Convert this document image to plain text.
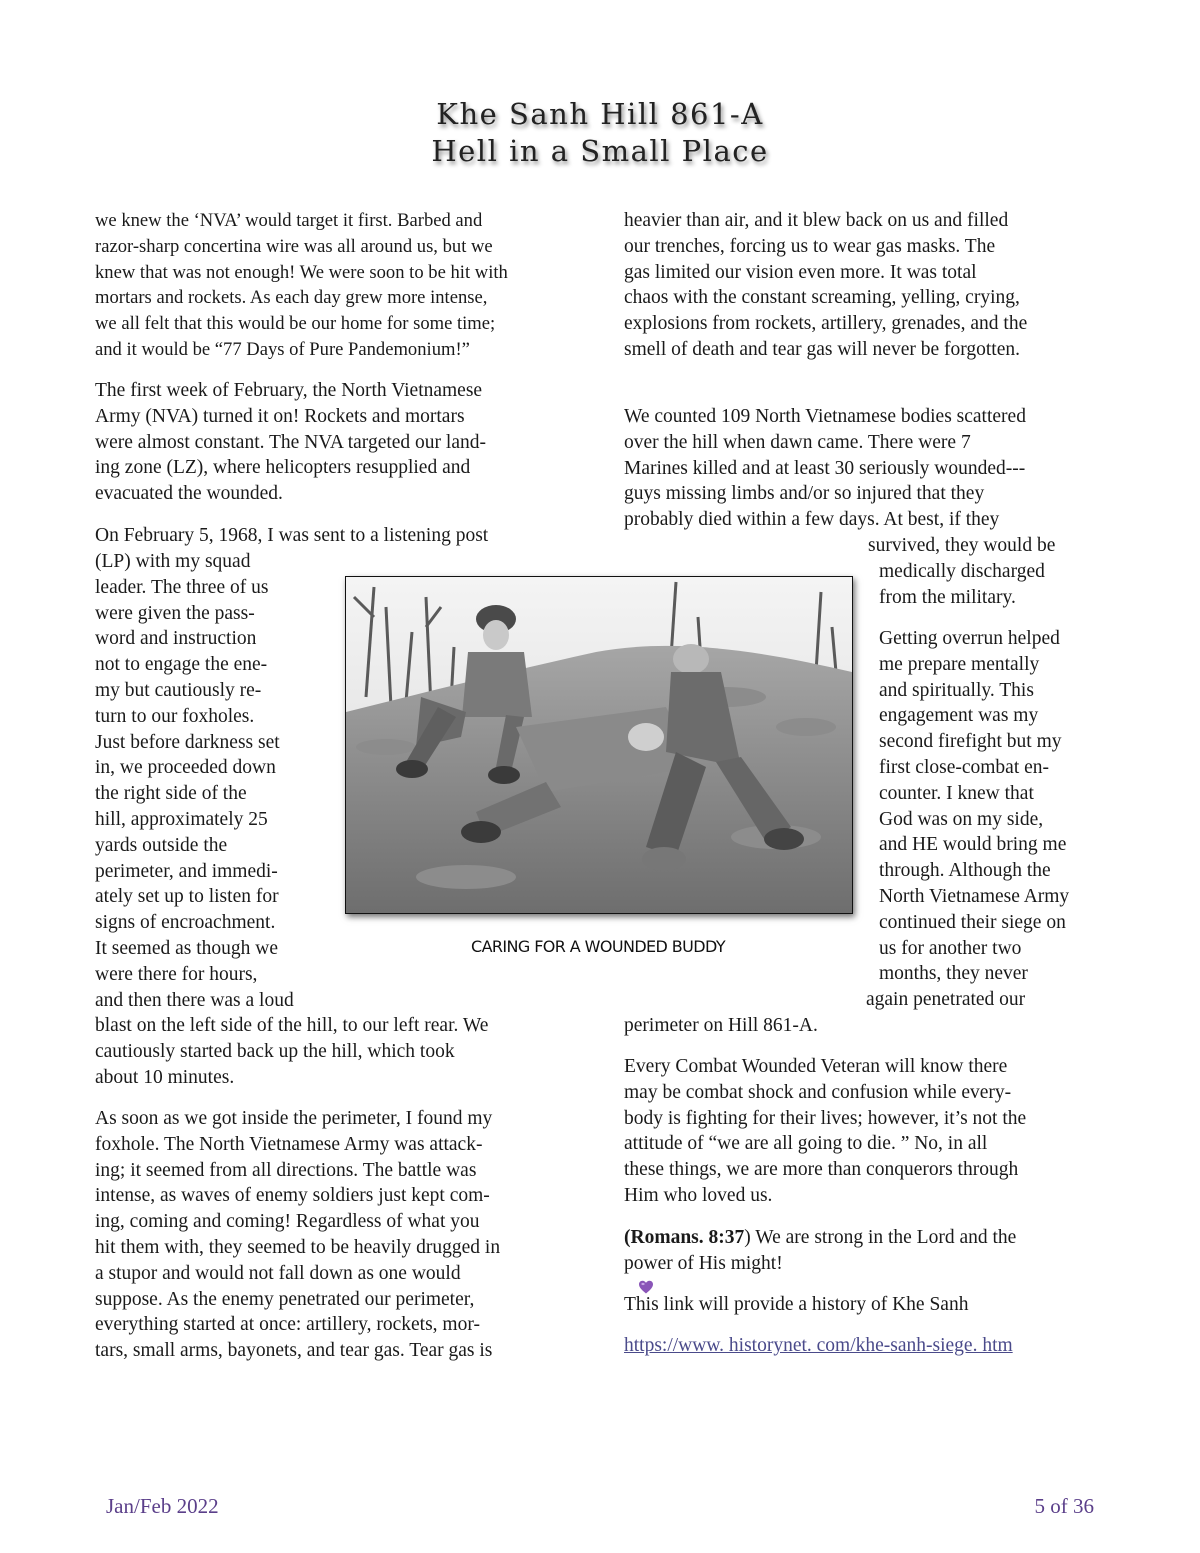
Khe Sanh Hill 861-A
Hell in a Small Place
we knew the ‘NVA’ would target it first. Barbed and
razor-sharp concertina wire was all around us, but we
knew that was not enough! We were soon to be hit with
mortars and rockets. As each day grew more intense,
we all felt that this would be our home for some time;
and it would be “77 Days of Pure Pandemonium!”
The first week of February, the North Vietnamese
Army (NVA) turned it on! Rockets and mortars
were almost constant. The NVA targeted our land-
ing zone (LZ), where helicopters resupplied and
evacuated the wounded.
On February 5, 1968, I was sent to a listening post
(LP) with my squad
leader. The three of us
were given the pass-
word and instruction
not to engage the ene-
my but cautiously re-
turn to our foxholes.
Just before darkness set
in, we proceeded down
the right side of the
hill, approximately 25
yards outside the
perimeter, and immedi-
ately set up to listen for
signs of encroachment.
It seemed as though we
were there for hours,
and then there was a loud
blast on the left side of the hill, to our left rear. We
cautiously started back up the hill, which took
about 10 minutes.
As soon as we got inside the perimeter, I found my
foxhole. The North Vietnamese Army was attack-
ing; it seemed from all directions. The battle was
intense, as waves of enemy soldiers just kept com-
ing, coming and coming! Regardless of what you
hit them with, they seemed to be heavily drugged in
a stupor and would not fall down as one would
suppose. As the enemy penetrated our perimeter,
everything started at once: artillery, rockets, mor-
tars, small arms, bayonets, and tear gas. Tear gas is
heavier than air, and it blew back on us and filled
our trenches, forcing us to wear gas masks. The
gas limited our vision even more. It was total
chaos with the constant screaming, yelling, crying,
explosions from rockets, artillery, grenades, and the
smell of death and tear gas will never be forgotten.
We counted 109 North Vietnamese bodies scattered
over the hill when dawn came. There were 7
Marines killed and at least 30 seriously wounded---
guys missing limbs and/or so injured that they
probably died within a few days. At best, if they
survived, they would be
medically discharged
from the military.
Getting overrun helped
me prepare mentally
and spiritually. This
engagement was my
second firefight but my
first close-combat en-
counter. I knew that
God was on my side,
and HE would bring me
through. Although the
North Vietnamese Army
continued their siege on
us for another two
months, they never
again penetrated our
perimeter on Hill 861-A.
Every Combat Wounded Veteran will know there
may be combat shock and confusion while every-
body is fighting for their lives; however, it’s not the
attitude of “we are all going to die. ” No, in all
these things, we are more than conquerors through
Him who loved us.
(Romans. 8:37) We are strong in the Lord and the
power of His might!
This link will provide a history of Khe Sanh
https://www. historynet. com/khe-sanh-siege. htm
CARING FOR A WOUNDED BUDDY
Jan/Feb 2022	5 of 36
